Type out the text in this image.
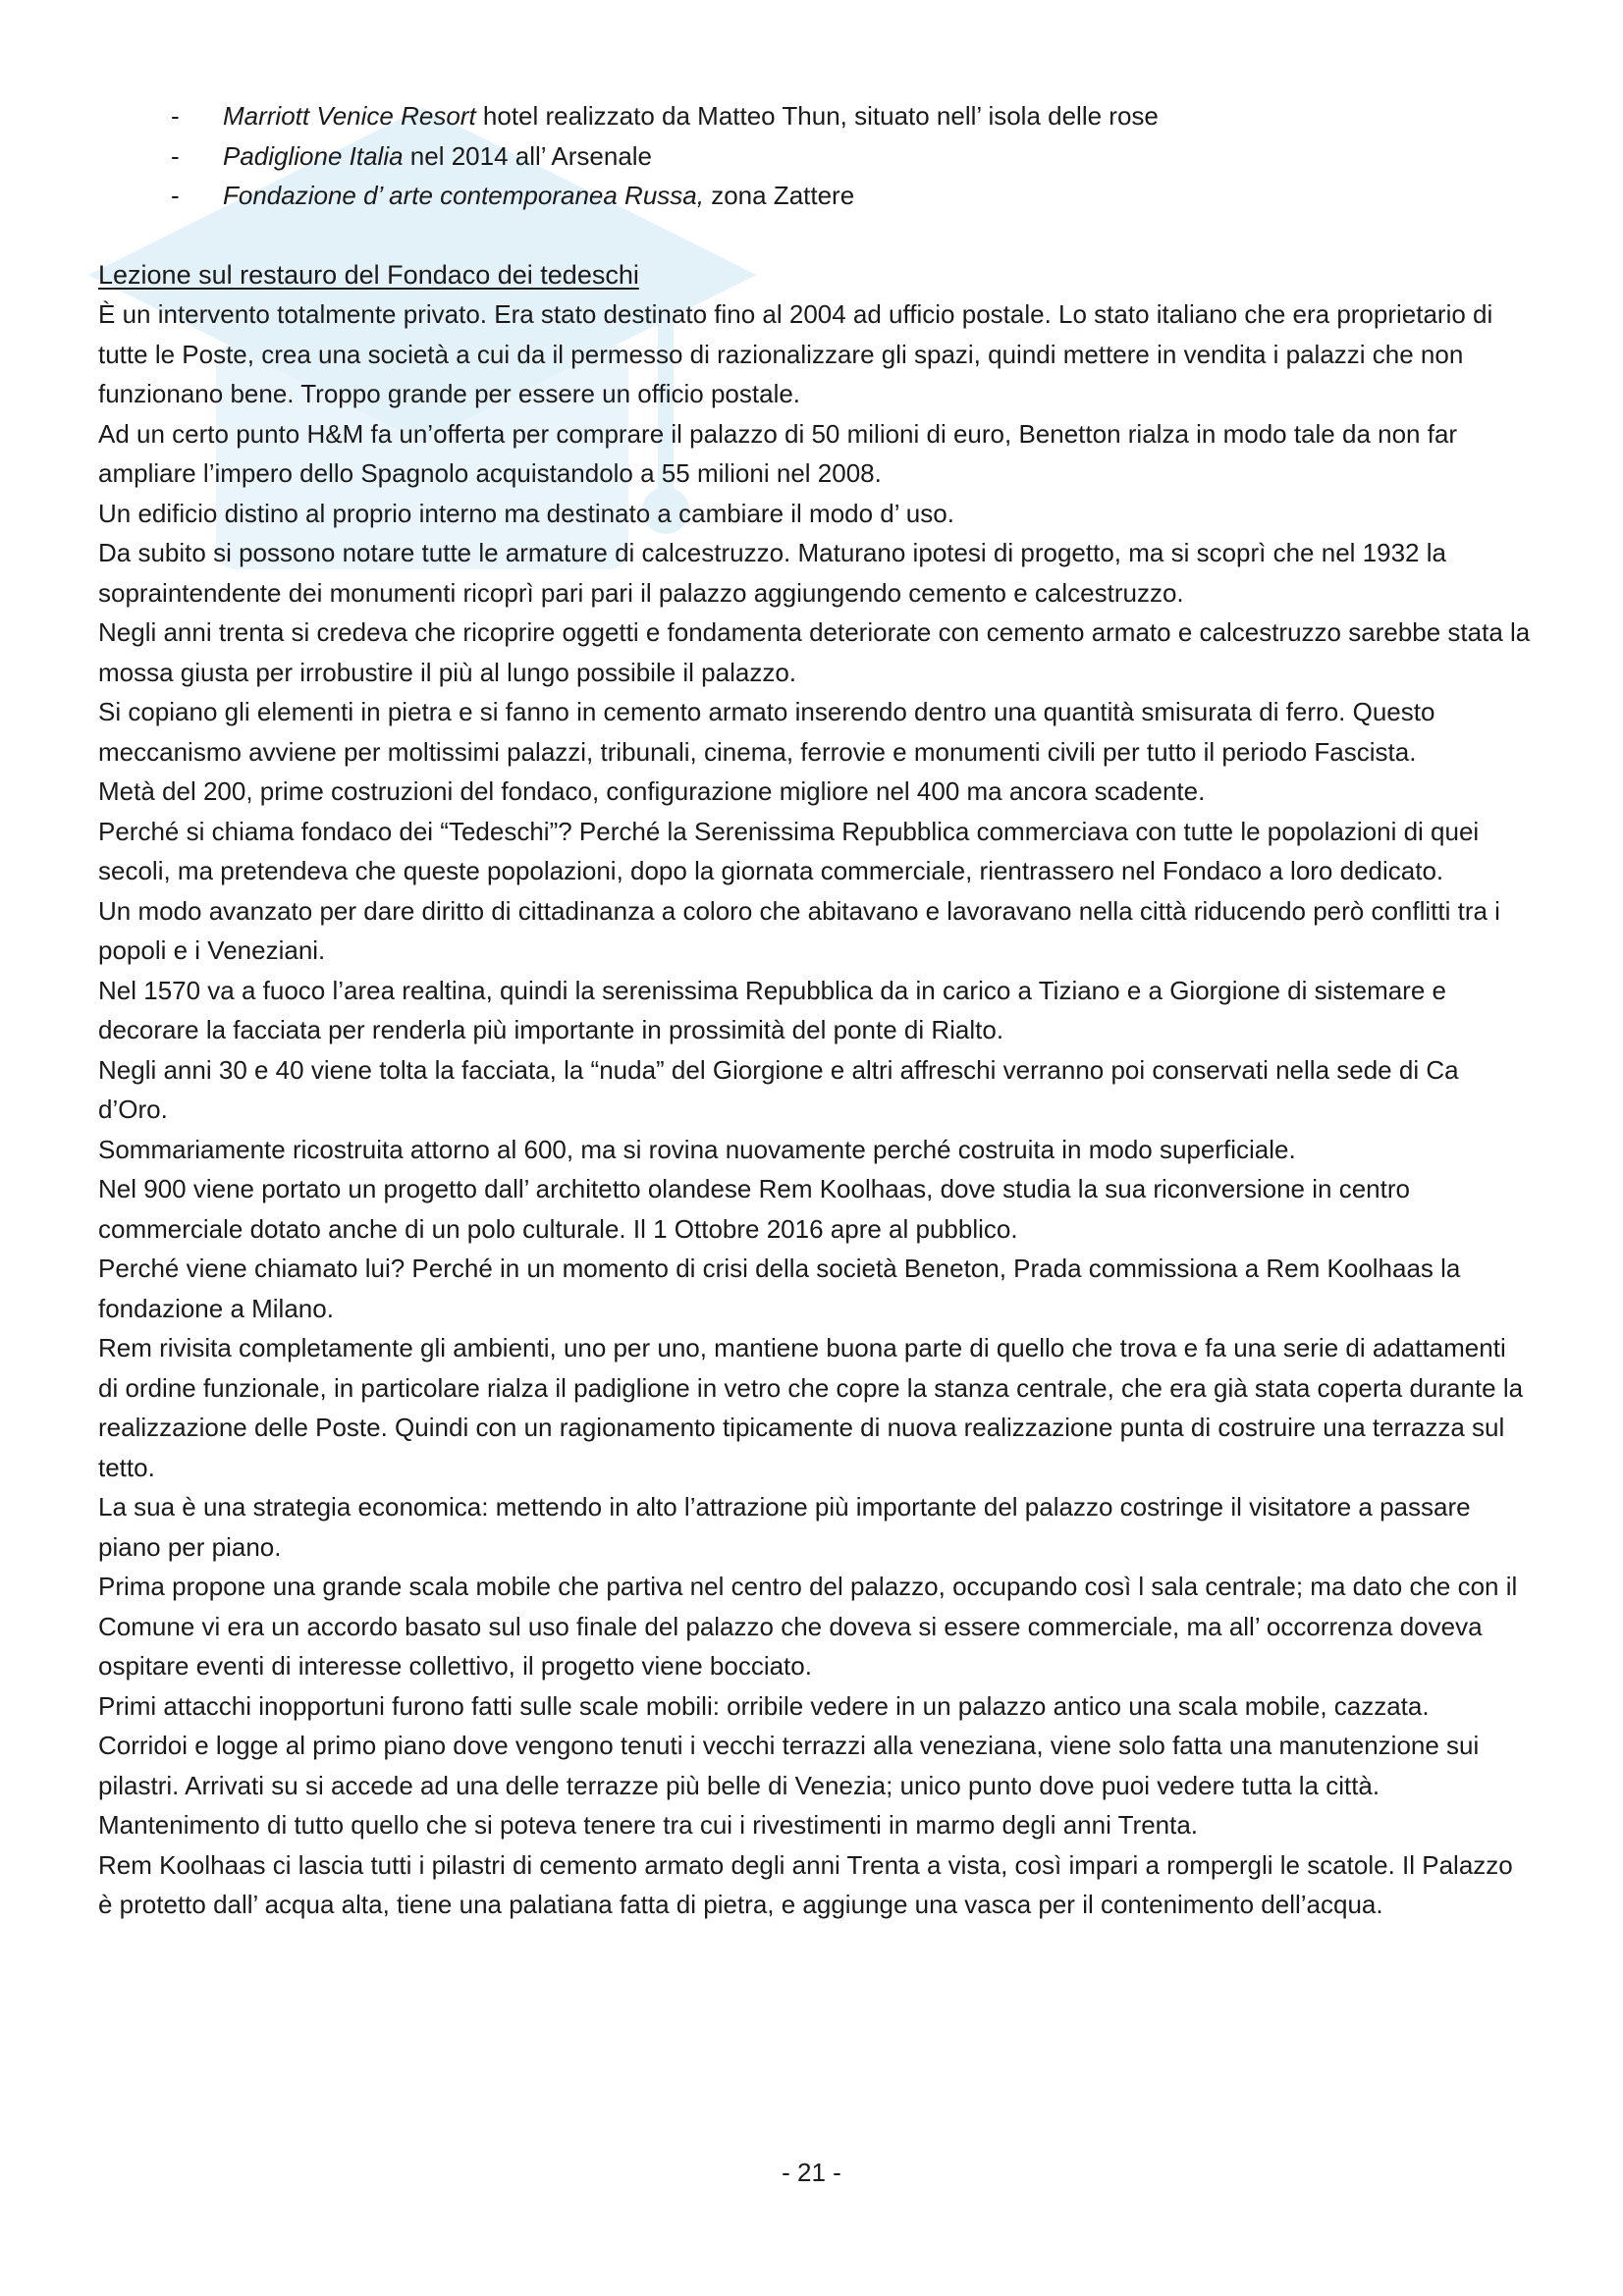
- Marriott Venice Resort hotel realizzato da Matteo Thun, situato nell’ isola delle rose
- Padiglione Italia nel 2014 all’ Arsenale
- Fondazione d’ arte contemporanea Russa, zona Zattere
Lezione sul restauro del Fondaco dei tedeschi

È un intervento totalmente privato. Era stato destinato fino al 2004 ad ufficio postale. Lo stato italiano che era proprietario di tutte le Poste, crea una società a cui da il permesso di razionalizzare gli spazi, quindi mettere in vendita i palazzi che non funzionano bene. Troppo grande per essere un officio postale.

Ad un certo punto H&M fa un’offerta per comprare il palazzo di 50 milioni di euro, Benetton rialza in modo tale da non far ampliare l’impero dello Spagnolo acquistandolo a 55 milioni nel 2008.

Un edificio distino al proprio interno ma destinato a cambiare il modo d’ uso.

Da subito si possono notare tutte le armature di calcestruzzo. Maturano ipotesi di progetto, ma si scoprì che nel 1932 la sopraintendente dei monumenti ricoprì pari pari il palazzo aggiungendo cemento e calcestruzzo.

Negli anni trenta si credeva che ricoprire oggetti e fondamenta deteriorate con cemento armato e calcestruzzo sarebbe stata la mossa giusta per irrobustire il più al lungo possibile il palazzo.

Si copiano gli elementi in pietra e si fanno in cemento armato inserendo dentro una quantità smisurata di ferro. Questo meccanismo avviene per moltissimi palazzi, tribunali, cinema, ferrovie e monumenti civili per tutto il periodo Fascista.

Metà del 200, prime costruzioni del fondaco, configurazione migliore nel 400 ma ancora scadente.

Perché si chiama fondaco dei “Tedeschi”? Perché la Serenissima Repubblica commerciava con tutte le popolazioni di quei secoli, ma pretendeva che queste popolazioni, dopo la giornata commerciale, rientrassero nel Fondaco a loro dedicato.

Un modo avanzato per dare diritto di cittadinanza a coloro che abitavano e lavoravano nella città riducendo però conflitti tra i popoli e i Veneziani.

Nel 1570 va a fuoco l’area realtina, quindi la serenissima Repubblica da in carico a Tiziano e a Giorgione di sistemare e decorare la facciata per renderla più importante in prossimità del ponte di Rialto.

Negli anni 30 e 40 viene tolta la facciata, la “nuda” del Giorgione e altri affreschi verranno poi conservati nella sede di Ca d’Oro.

Sommariamente ricostruita attorno al 600, ma si rovina nuovamente perché costruita in modo superficiale.

Nel 900 viene portato un progetto dall’ architetto olandese Rem Koolhaas, dove studia la sua riconversione in centro commerciale dotato anche di un polo culturale. Il 1 Ottobre 2016 apre al pubblico.

Perché viene chiamato lui? Perché in un momento di crisi della società Beneton, Prada commissiona a Rem Koolhaas la fondazione a Milano.

Rem rivisita completamente gli ambienti, uno per uno, mantiene buona parte di quello che trova e fa una serie di adattamenti di ordine funzionale, in particolare rialza il padiglione in vetro che copre la stanza centrale, che era già stata coperta durante la realizzazione delle Poste. Quindi con un ragionamento tipicamente di nuova realizzazione punta di costruire una terrazza sul tetto.

La sua è una strategia economica: mettendo in alto l’attrazione più importante del palazzo costringe il visitatore a passare piano per piano.

Prima propone una grande scala mobile che partiva nel centro del palazzo, occupando così l sala centrale; ma dato che con il Comune vi era un accordo basato sul uso finale del palazzo che doveva si essere commerciale, ma all’ occorrenza doveva ospitare eventi di interesse collettivo, il progetto viene bocciato.

Primi attacchi inopportuni furono fatti sulle scale mobili: orribile vedere in un palazzo antico una scala mobile, cazzata.

Corridoi e logge al primo piano dove vengono tenuti i vecchi terrazzi alla veneziana, viene solo fatta una manutenzione sui pilastri. Arrivati su si accede ad una delle terrazze più belle di Venezia; unico punto dove puoi vedere tutta la città.

Mantenimento di tutto quello che si poteva tenere tra cui i rivestimenti in marmo degli anni Trenta.

Rem Koolhaas ci lascia tutti i pilastri di cemento armato degli anni Trenta a vista, così impari a rompergli le scatole. Il Palazzo è protetto dall’ acqua alta, tiene una palatiana fatta di pietra, e aggiunge una vasca per il contenimento dell’acqua.

- 21 -
